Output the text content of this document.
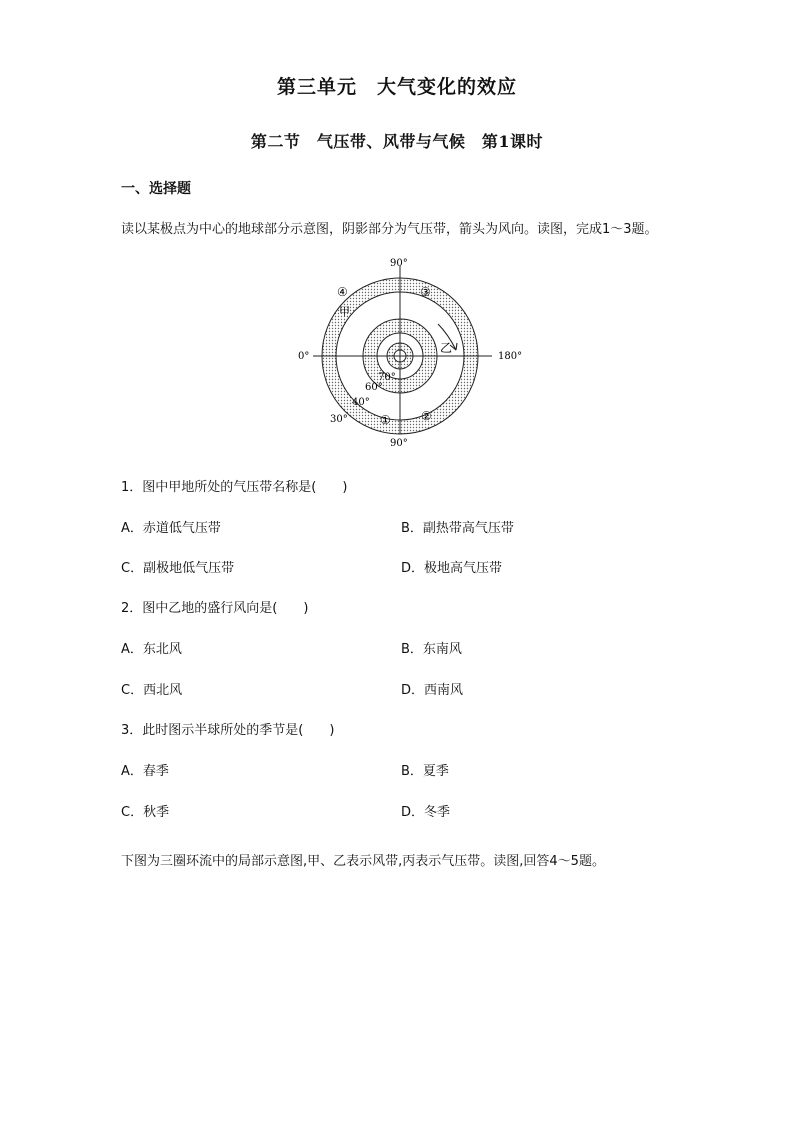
第三单元　大气变化的效应
第二节　气压带、风带与气候　第1课时
一、选择题
读以某极点为中心的地球部分示意图，阴影部分为气压带，箭头为风向。读图，完成1～3题。
90°
90°
0°	180°
70°
60°
40°
30°
甲
乙
①	②
③
④
1．图中甲地所处的气压带名称是(　　)
A．赤道低气压带	B．副热带高气压带
C．副极地低气压带	D．极地高气压带
2．图中乙地的盛行风向是(　　)
A．东北风	B．东南风
C．西北风	D．西南风
3．此时图示半球所处的季节是(　　)
A．春季	B．夏季
C．秋季	D．冬季
下图为三圈环流中的局部示意图,甲、乙表示风带,丙表示气压带。读图,回答4～5题。
